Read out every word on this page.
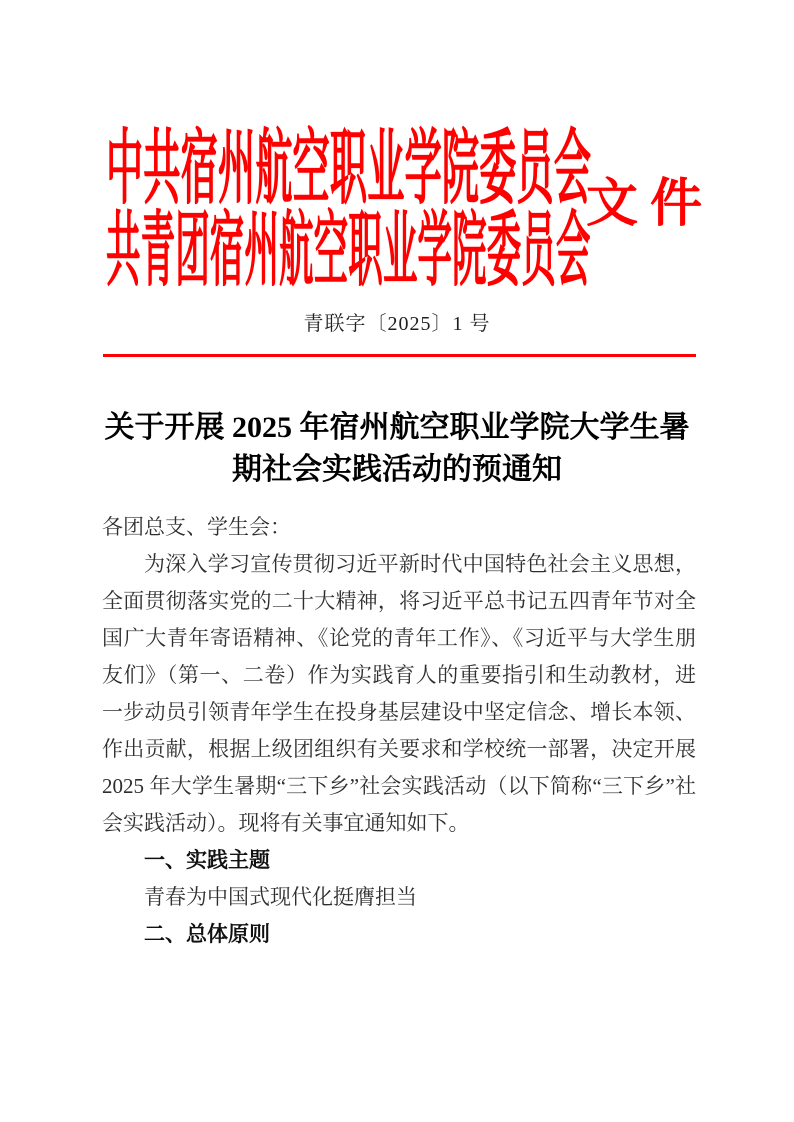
中共宿州航空职业学院委员会
共青团宿州航空职业学院委员会
文件
青联字〔2025〕1 号
关于开展 2025 年宿州航空职业学院大学生暑
期社会实践活动的预通知

各团总支、学生会：

为深入学习宣传贯彻习近平新时代中国特色社会主义思想，全面贯彻落实党的二十大精神，将习近平总书记五四青年节对全国广大青年寄语精神、《论党的青年工作》、《习近平与大学生朋友们》（第一、二卷）作为实践育人的重要指引和生动教材，进一步动员引领青年学生在投身基层建设中坚定信念、增长本领、作出贡献，根据上级团组织有关要求和学校统一部署，决定开展 2025 年大学生暑期“三下乡”社会实践活动（以下简称“三下乡”社会实践活动）。现将有关事宜通知如下。

一、实践主题

青春为中国式现代化挺膺担当

二、总体原则
